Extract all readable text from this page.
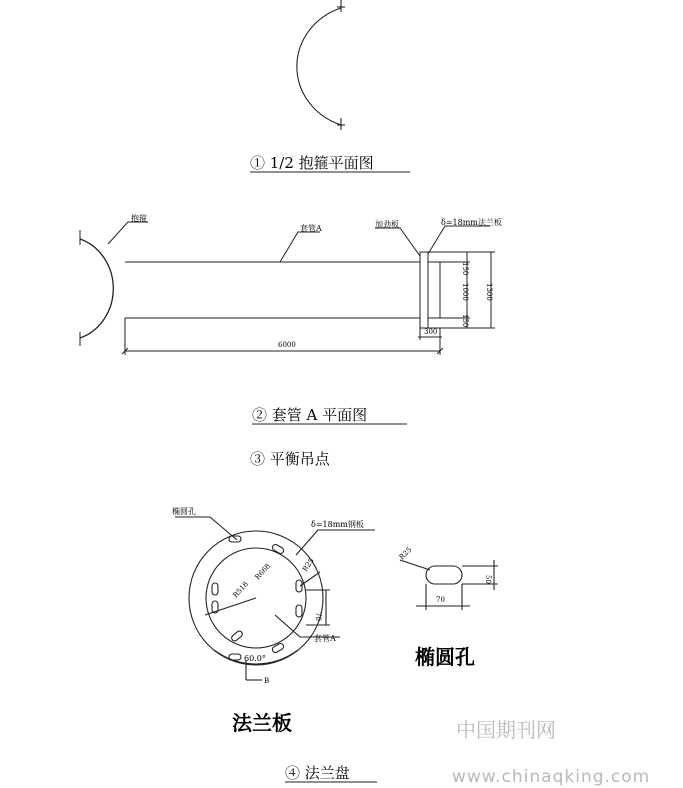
① 1/2 抱箍平面图
抱箍
套管A	加劲板	δ=18mm法兰板
6000
300
150
1000 1300
150
② 套管 A 平面图
③ 平衡吊点
椭圆孔
δ=18mm钢板
R518
R668	R25
70
套管A
60.0°
B
法兰板
R25
50
70
椭圆孔
④ 法兰盘
中国期刊网
www.chinaqking.com
